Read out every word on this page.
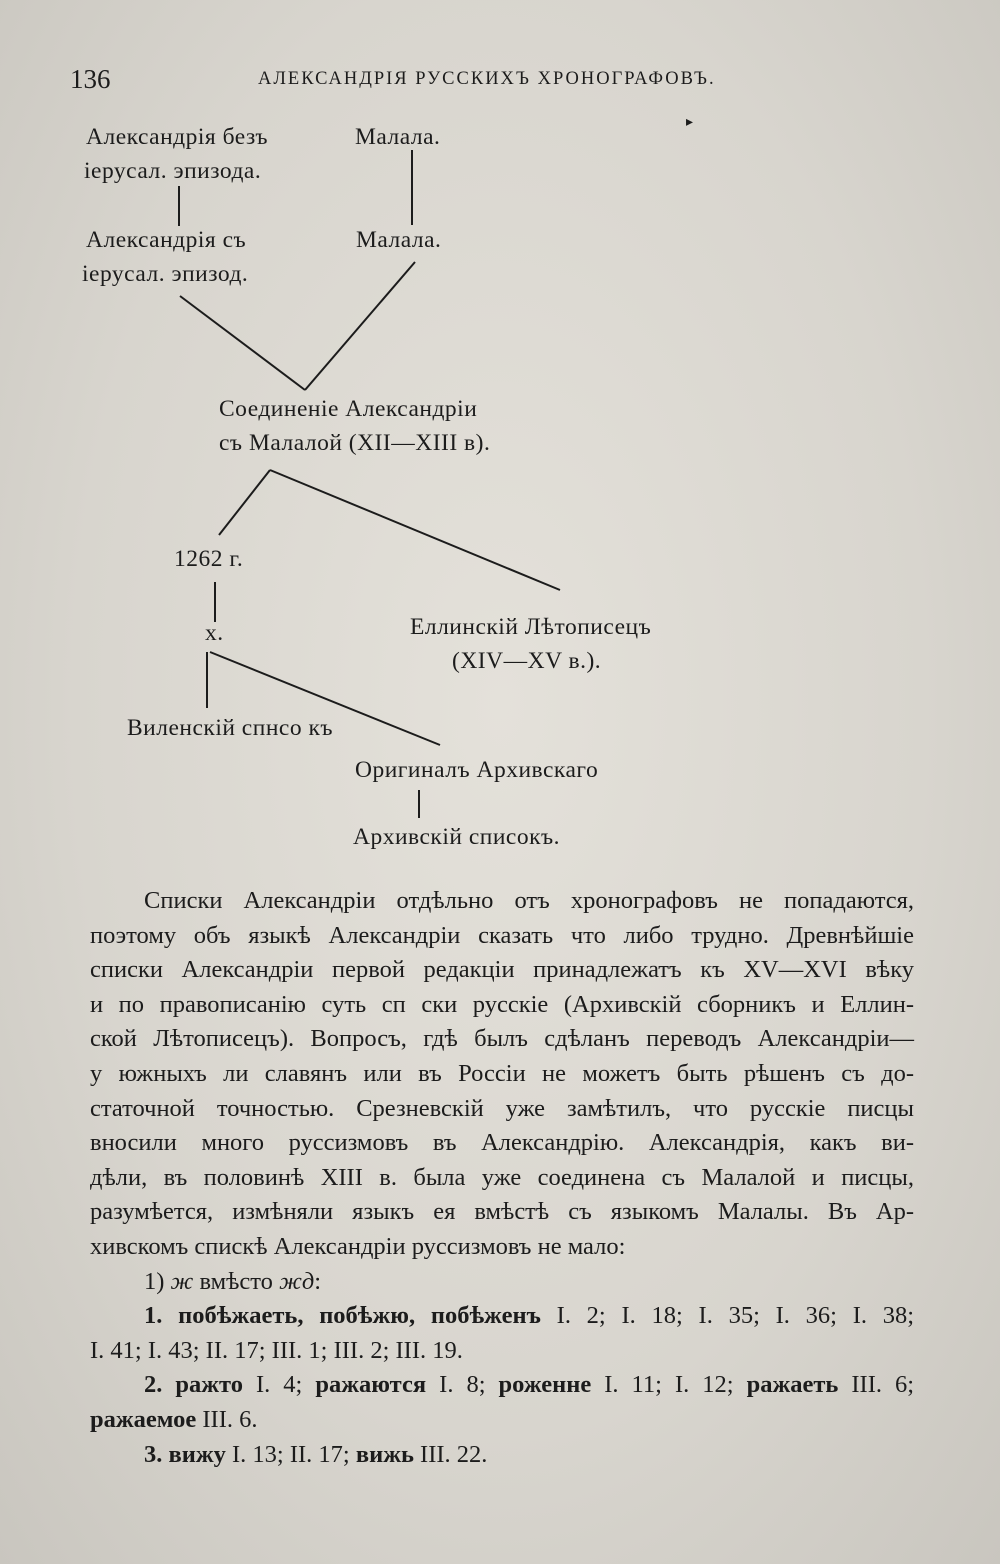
136	АЛЕКСАНДРІЯ РУССКИХЪ ХРОНОГРАФОВЪ.
▸
Александрія безъ
іерусал. эпизода.
Малала.
Александрія съ
іерусал. эпизод.
Малала.
Соединеніе Александріи
съ Малалой (XII—XIII в).
1262 г.
х.	Еллинскій Лѣтописецъ
(XIV—XV в.).
Виленскій спнсо къ
Оригиналъ Архивскаго
Архивскій списокъ.

Списки Александріи отдѣльно отъ хронографовъ не попадаются,

поэтому объ языкѣ Александріи сказать что либо трудно. Древнѣйшіе

списки Александріи первой редакціи принадлежатъ къ XV—XVI вѣку

и по правописанію суть сп ски русскіе (Архивскій сборникъ и Еллин-

ской Лѣтописецъ). Вопросъ, гдѣ былъ сдѣланъ переводъ Александріи—

у южныхъ ли славянъ или въ Россіи не можетъ быть рѣшенъ съ до-

статочной точностью. Срезневскій уже замѣтилъ, что русскіе писцы

вносили много руссизмовъ въ Александрію. Александрія, какъ ви-

дѣли, въ половинѣ XIII в. была уже соединена съ Малалой и писцы,

разумѣется, измѣняли языкъ ея вмѣстѣ съ языкомъ Малалы. Въ Ар-

хивскомъ спискѣ Александріи руссизмовъ не мало:

1) ж вмѣсто жд:

1. побѣжаеть, побѣжю, побѣженъ I. 2; I. 18; I. 35; I. 36; I. 38;

I. 41; I. 43; II. 17; III. 1; III. 2; III. 19.

2. ражто I. 4; ражаются I. 8; роженне I. 11; I. 12; ражаеть III. 6;

ражаемое III. 6.

3. вижу I. 13; II. 17; вижь III. 22.
